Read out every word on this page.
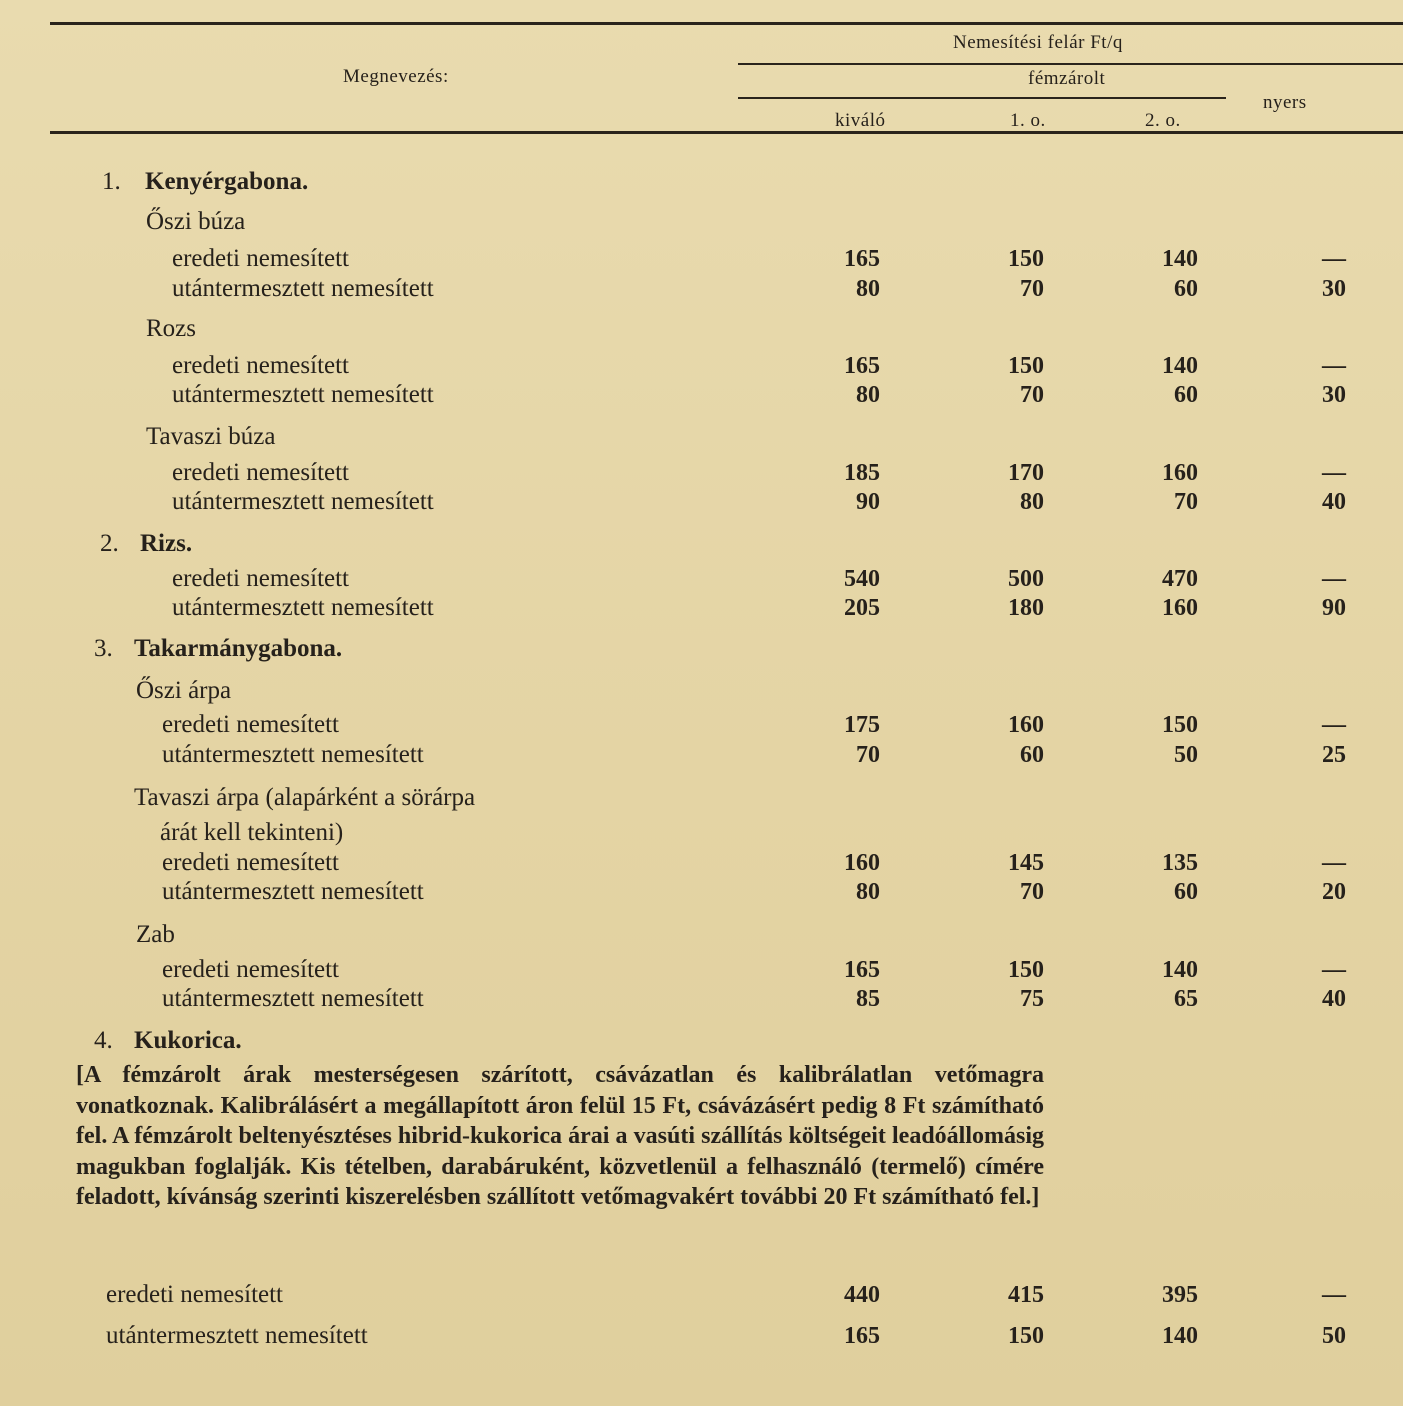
Nemesítési felár Ft/q
Megnevezés:	fémzárolt
nyers
kiváló	1. o.	2. o.
1. Kenyérgabona.
Őszi búza
eredeti nemesített	165	150	140	—
utántermesztett nemesített	80	70	60	30
Rozs
eredeti nemesített	165	150	140	—
utántermesztett nemesített	80	70	60	30
Tavaszi búza
eredeti nemesített	185	170	160	—
utántermesztett nemesített	90	80	70	40
2. Rizs.
eredeti nemesített	540	500	470	—
utántermesztett nemesített	205	180	160	90
3. Takarmánygabona.
Őszi árpa
eredeti nemesített	175	160	150	—
utántermesztett nemesített	70	60	50	25
Tavaszi árpa (alapárként a sörárpa
árát kell tekinteni)
eredeti nemesített	160	145	135	—
utántermesztett nemesített	80	70	60	20
Zab
eredeti nemesített	165	150	140	—
utántermesztett nemesített	85	75	65	40
4. Kukorica.
[A fémzárolt árak mesterségesen szárított, csávázatlan és kalibrálatlan vetőmagra vonatkoznak. Kalibrálásért a megállapított áron felül 15 Ft, csávázásért pedig 8 Ft számítható fel. A fémzárolt beltenyésztéses hibrid-kukorica árai a vasúti szállítás költségeit leadóállomásig magukban foglalják. Kis tételben, darabáruként, közvetlenül a felhasználó (termelő) címére feladott, kívánság szerinti kiszerelésben szállított vetőmagvakért további 20 Ft számítható fel.]
eredeti nemesített	440	415	395	—
utántermesztett nemesített	165	150	140	50
